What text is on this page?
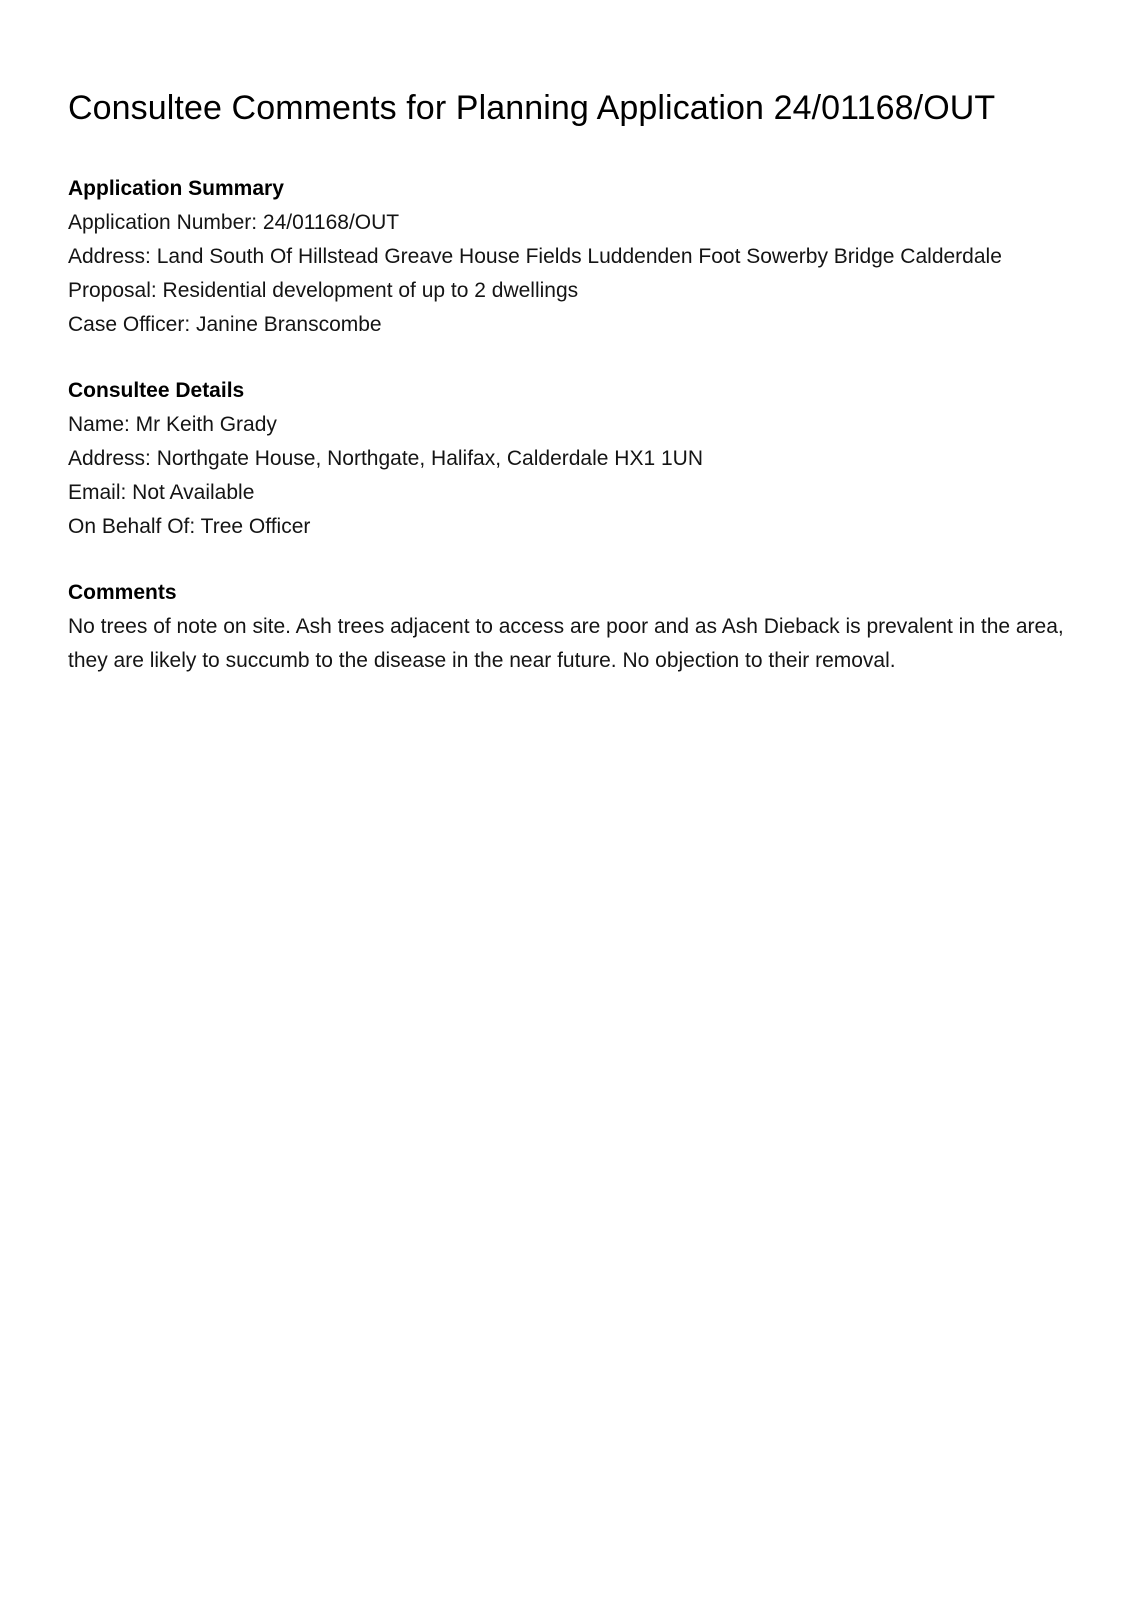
Consultee Comments for Planning Application 24/01168/OUT
Application Summary

Application Number: 24/01168/OUT

Address: Land South Of Hillstead Greave House Fields Luddenden Foot Sowerby Bridge Calderdale

Proposal: Residential development of up to 2 dwellings

Case Officer: Janine Branscombe

Consultee Details

Name: Mr Keith Grady

Address: Northgate House, Northgate, Halifax, Calderdale HX1 1UN

Email: Not Available

On Behalf Of: Tree Officer

Comments

No trees of note on site. Ash trees adjacent to access are poor and as Ash Dieback is prevalent in the area, they are likely to succumb to the disease in the near future. No objection to their removal.
